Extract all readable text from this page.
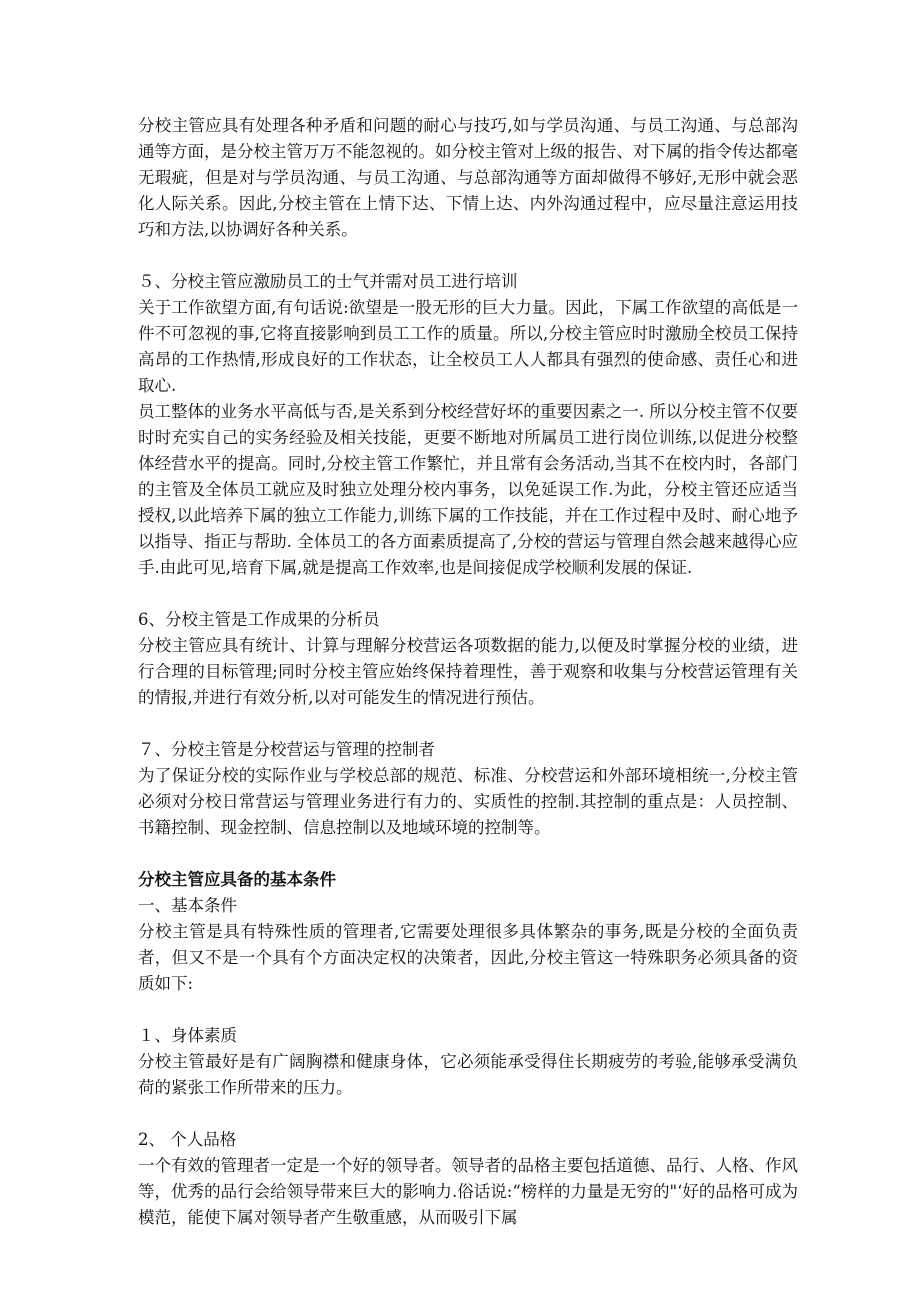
分校主管应具有处理各种矛盾和问题的耐心与技巧,如与学员沟通、与员工沟通、与总部沟通等方面，是分校主管万万不能忽视的。如分校主管对上级的报告、对下属的指令传达都毫无瑕疵，但是对与学员沟通、与员工沟通、与总部沟通等方面却做得不够好,无形中就会恶化人际关系。因此,分校主管在上情下达、下情上达、内外沟通过程中，应尽量注意运用技巧和方法,以协调好各种关系。

５、分校主管应激励员工的士气并需对员工进行培训

关于工作欲望方面,有句话说:欲望是一股无形的巨大力量。因此，下属工作欲望的高低是一件不可忽视的事,它将直接影响到员工工作的质量。所以,分校主管应时时激励全校员工保持高昂的工作热情,形成良好的工作状态，让全校员工人人都具有强烈的使命感、责任心和进取心.

员工整体的业务水平高低与否,是关系到分校经营好坏的重要因素之一. 所以分校主管不仅要时时充实自己的实务经验及相关技能，更要不断地对所属员工进行岗位训练,以促进分校整体经营水平的提高。同时,分校主管工作繁忙，并且常有会务活动,当其不在校内时，各部门的主管及全体员工就应及时独立处理分校内事务，以免延误工作.为此，分校主管还应适当授权,以此培养下属的独立工作能力,训练下属的工作技能，并在工作过程中及时、耐心地予以指导、指正与帮助. 全体员工的各方面素质提高了,分校的营运与管理自然会越来越得心应手.由此可见,培育下属,就是提高工作效率,也是间接促成学校顺利发展的保证.

6、分校主管是工作成果的分析员

分校主管应具有统计、计算与理解分校营运各项数据的能力,以便及时掌握分校的业绩，进行合理的目标管理;同时分校主管应始终保持着理性，善于观察和收集与分校营运管理有关的情报,并进行有效分析,以对可能发生的情况进行预估。

７、分校主管是分校营运与管理的控制者

为了保证分校的实际作业与学校总部的规范、标准、分校营运和外部环境相统一,分校主管必须对分校日常营运与管理业务进行有力的、实质性的控制.其控制的重点是：人员控制、书籍控制、现金控制、信息控制以及地域环境的控制等。

分校主管应具备的基本条件

一、基本条件

分校主管是具有特殊性质的管理者,它需要处理很多具体繁杂的事务,既是分校的全面负责者，但又不是一个具有个方面决定权的决策者，因此,分校主管这一特殊职务必须具备的资质如下:

１、身体素质

分校主管最好是有广阔胸襟和健康身体，它必须能承受得住长期疲劳的考验,能够承受满负荷的紧张工作所带来的压力。

2、 个人品格

一个有效的管理者一定是一个好的领导者。领导者的品格主要包括道德、品行、人格、作风等，优秀的品行会给领导带来巨大的影响力.俗话说:“榜样的力量是无穷的"‘好的品格可成为模范，能使下属对领导者产生敬重感，从而吸引下属
